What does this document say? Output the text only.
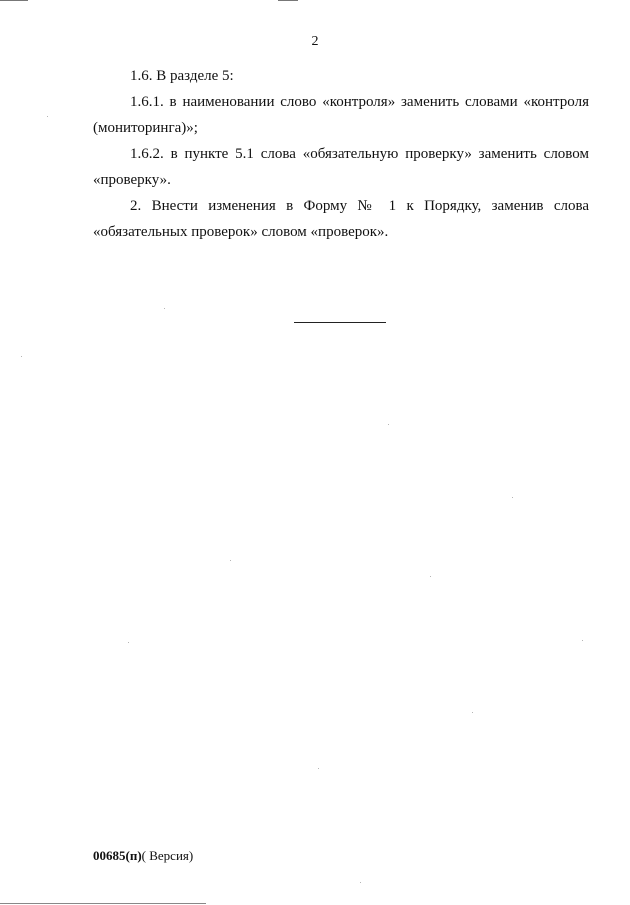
2
1.6. В разделе 5:
1.6.1. в наименовании слово «контроля» заменить словами «контроля
(мониторинга)»;
1.6.2. в пункте 5.1 слова «обязательную проверку» заменить словом
«проверку».
2. Внести изменения в Форму № 1 к Порядку, заменив слова
«обязательных проверок» словом «проверок».
00685(п)( Версия)
